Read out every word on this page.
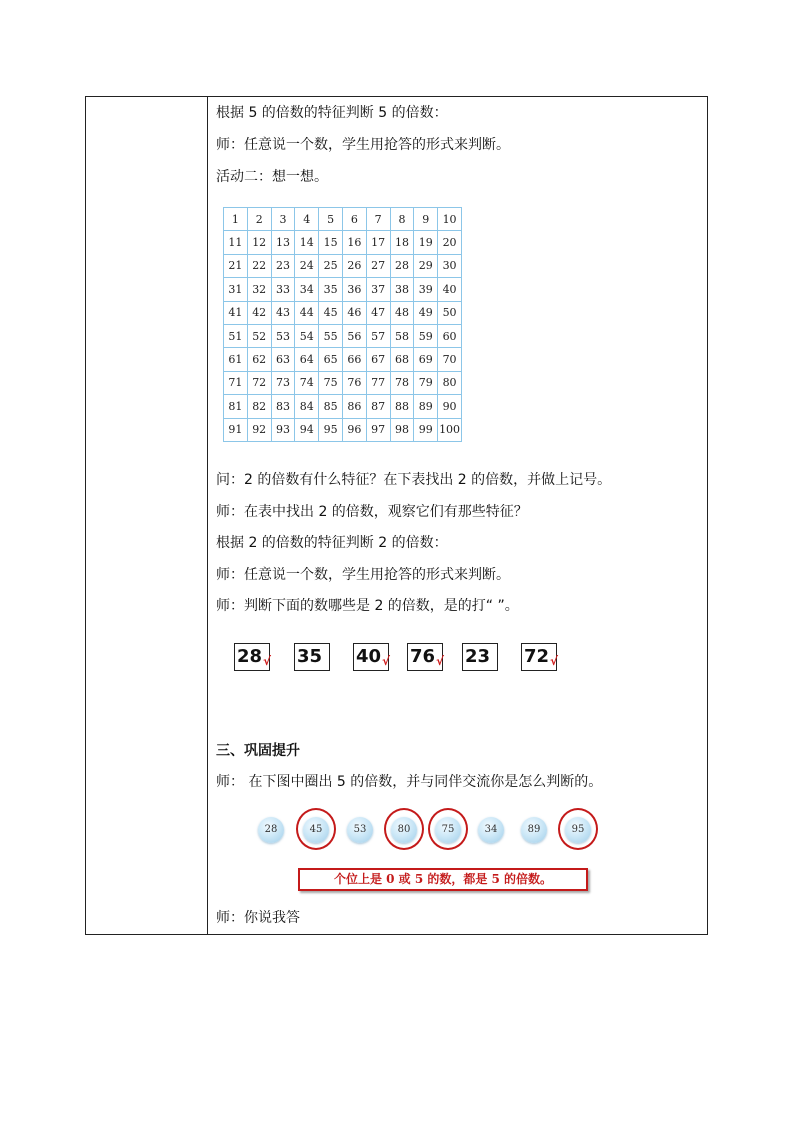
根据 5 的倍数的特征判断 5 的倍数：
师：任意说一个数，学生用抢答的形式来判断。
活动二：想一想。
1	2	3	4	5	6	7	8	9	10
11	12	13	14	15	16	17	18	19	20
21	22	23	24	25	26	27	28	29	30
31	32	33	34	35	36	37	38	39	40
41	42	43	44	45	46	47	48	49	50
51	52	53	54	55	56	57	58	59	60
61	62	63	64	65	66	67	68	69	70
71	72	73	74	75	76	77	78	79	80
81	82	83	84	85	86	87	88	89	90
91	92	93	94	95	96	97	98	99	100
问：2 的倍数有什么特征？在下表找出 2 的倍数，并做上记号。
师：在表中找出 2 的倍数，观察它们有那些特征？
根据 2 的倍数的特征判断 2 的倍数：
师：任意说一个数，学生用抢答的形式来判断。
师：判断下面的数哪些是 2 的倍数，是的打“ ”。
28 √ 35	40 √ 76 √ 23	72 √
三、巩固提升
师： 在下图中圈出 5 的倍数，并与同伴交流你是怎么判断的。
28	45	53	80	75	34	89	95
个位上是 0 或 5 的数，都是 5 的倍数。
师：你说我答
